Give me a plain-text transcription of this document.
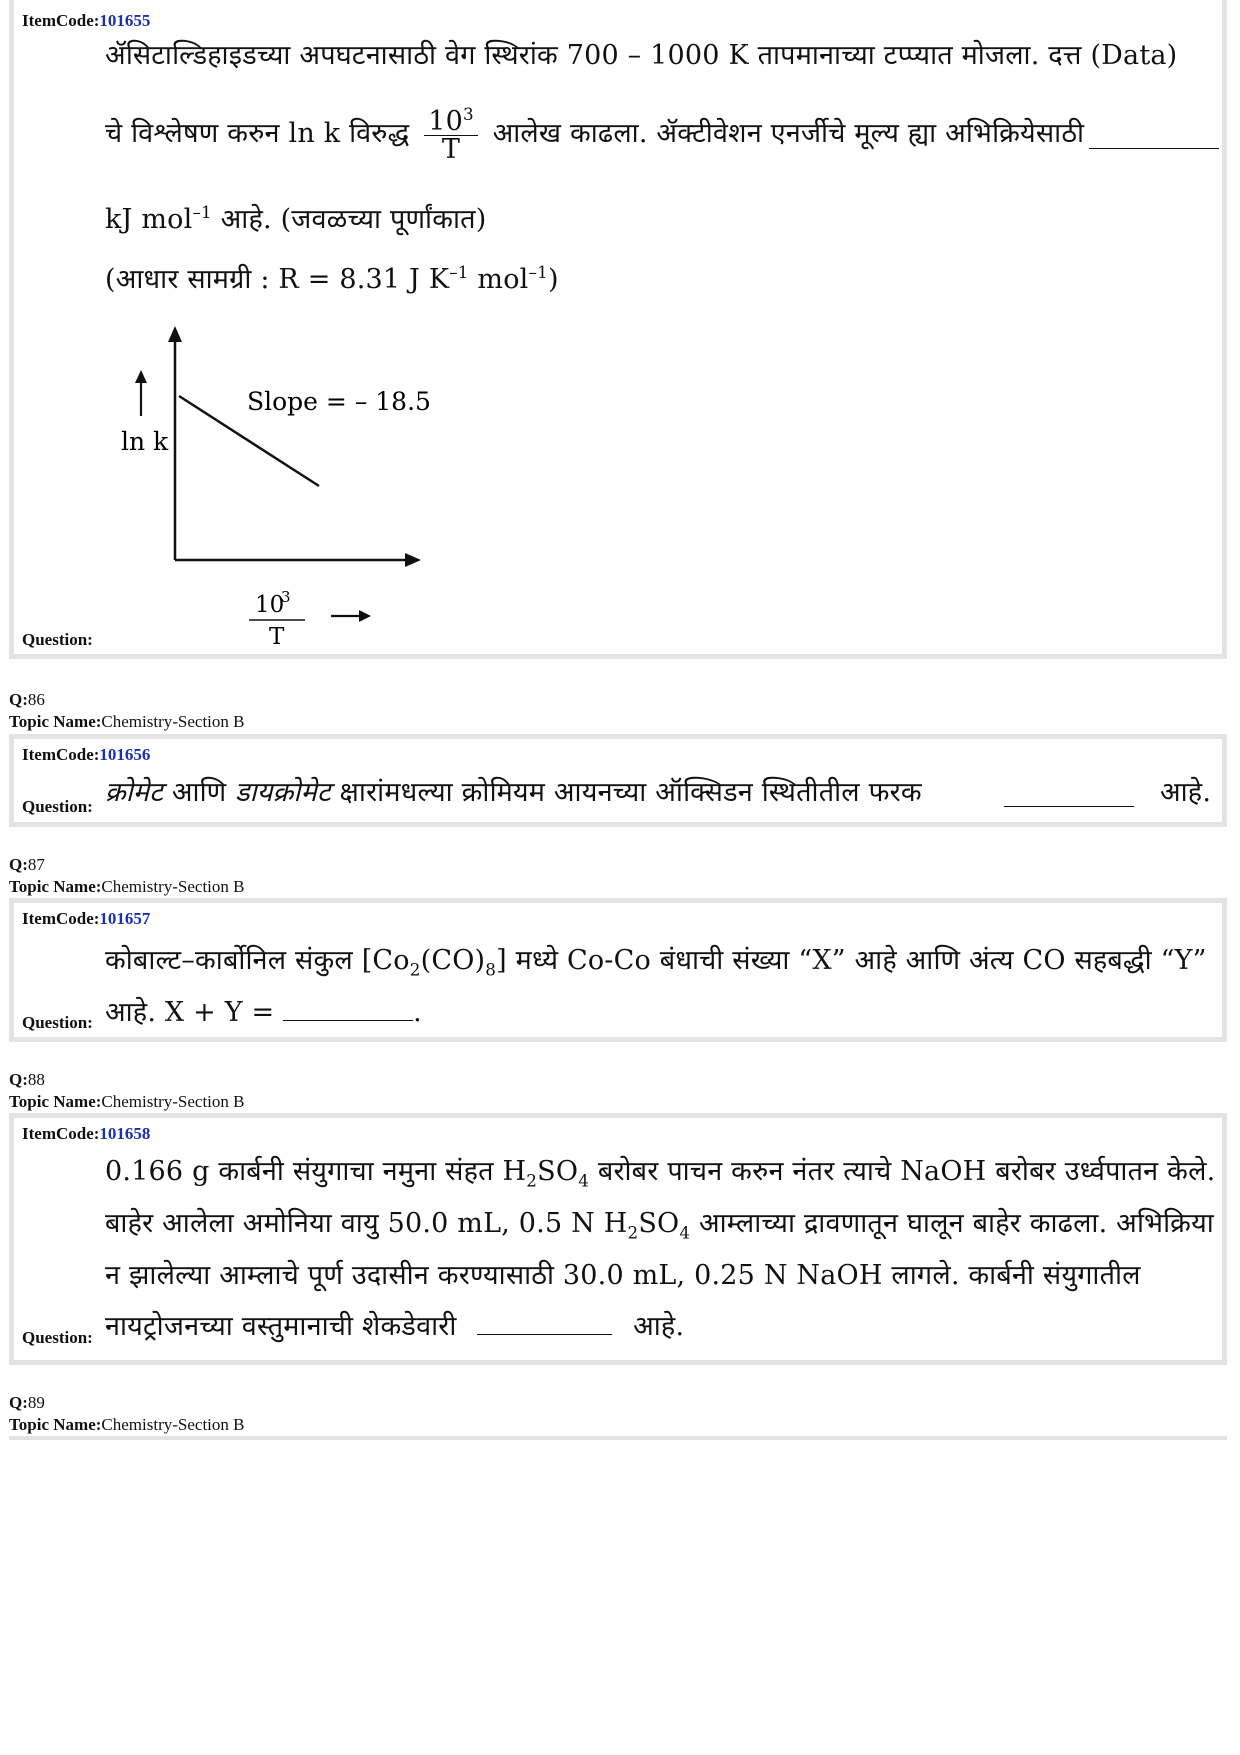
ItemCode:101655
ॲसिटाल्डिहाइडच्या अपघटनासाठी वेग स्थिरांक 700 – 1000 K तापमानाच्या टप्प्यात मोजला. दत्त (Data)
चे विश्लेषण करुन ln k विरुद्ध $\frac{10^3}{T}$ आलेख काढला. ॲक्टीवेशन एनर्जीचे मूल्य ह्या अभिक्रियेसाठी
kJ mol$^{-1}$ आहे. (जवळच्या पूर्णांकात)
(आधार सामग्री : R = 8.31 J $K^{-1}$ mol$^{-1}$)
ln k
Slope = – 18.5
10
3
T
Question:
Q:86
Topic Name:Chemistry-Section B
ItemCode:101656
Question: क्रोमेट आणि डायक्रोमेट क्षारांमधल्या क्रोमियम आयनच्या ऑक्सिडन स्थितीतील फरक	आहे.
Q:87
Topic Name:Chemistry-Section B
ItemCode:101657
कोबाल्ट–कार्बोनिल संकुल $[Co_2(CO)_8]$ मध्ये Co-Co बंधाची संख्या “X” आहे आणि अंत्य CO सहबद्धी “Y”
आहे. X + Y =	.
Question:
Q:88
Topic Name:Chemistry-Section B
ItemCode:101658
0.166 g कार्बनी संयुगाचा नमुना संहत $H_2SO_4$ बरोबर पाचन करुन नंतर त्याचे NaOH बरोबर उर्ध्वपातन केले.
बाहेर आलेला अमोनिया वायु 50.0 mL, 0.5 N $H_2SO_4$ आम्लाच्या द्रावणातून घालून बाहेर काढला. अभिक्रिया
न झालेल्या आम्लाचे पूर्ण उदासीन करण्यासाठी 30.0 mL, 0.25 N NaOH लागले. कार्बनी संयुगातील
नायट्रोजनच्या वस्तुमानाची शेकडेवारी	आहे.
Question:
Q:89
Topic Name:Chemistry-Section B
